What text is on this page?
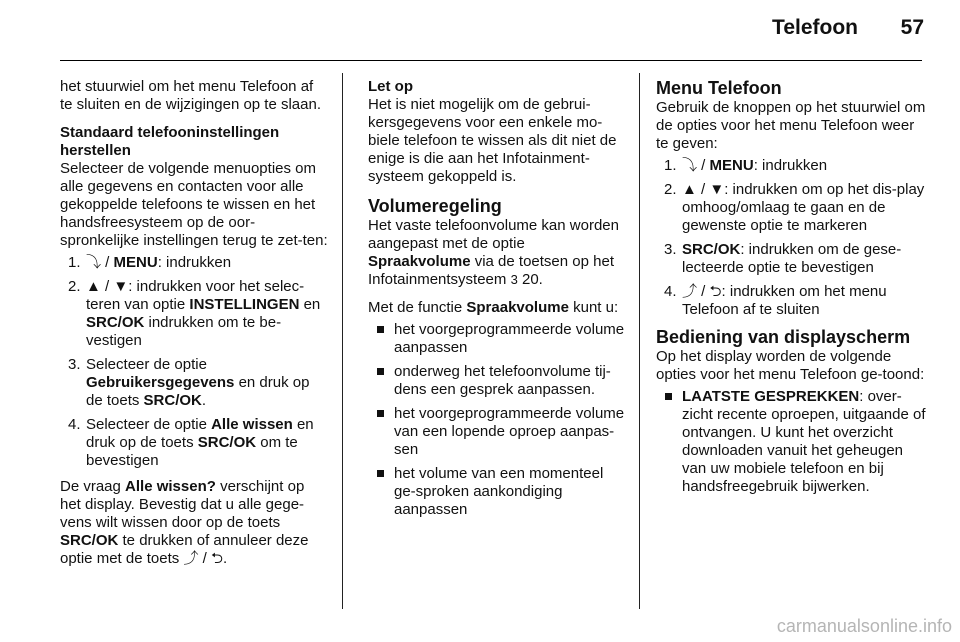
Telefoon 57

het stuurwiel om het menu Telefoon af te sluiten en de wijzigingen op te slaan.

Standaard telefooninstellingen herstellen
Selecteer de volgende menuopties om alle gegevens en contacten voor alle gekoppelde telefoons te wissen en het handsfreesysteem op de oor-spronkelijke instellingen terug te zet-ten:
1. ⤵ / MENU: indrukken
2. ▲ / ▼: indrukken voor het selec-teren van optie INSTELLINGEN en SRC/OK indrukken om te be-vestigen
3. Selecteer de optie Gebruikersgegevens en druk op de toets SRC/OK.
4. Selecteer de optie Alle wissen en druk op de toets SRC/OK om te bevestigen
De vraag Alle wissen? verschijnt op het display. Bevestig dat u alle gege-vens wilt wissen door op de toets SRC/OK te drukken of annuleer deze optie met de toets ⤴ / ⮌.
Let op

Het is niet mogelijk om de gebrui-kersgegevens voor een enkele mo-biele telefoon te wissen als dit niet de enige is die aan het Infotainment-systeem gekoppeld is.

Volumeregeling

Het vaste telefoonvolume kan worden aangepast met de optie Spraakvolume via de toetsen op het Infotainmentsysteem 3 20.

Met de functie Spraakvolume kunt u:
het voorgeprogrammeerde volume aanpassen
onderweg het telefoonvolume tij-dens een gesprek aanpassen.
het voorgeprogrammeerde volume van een lopende oproep aanpas-sen
het volume van een momenteel ge-sproken aankondiging aanpassen
Menu Telefoon
Gebruik de knoppen op het stuurwiel om de opties voor het menu Telefoon weer te geven:
1. ⤵ / MENU: indrukken
2. ▲ / ▼: indrukken om op het dis-play omhoog/omlaag te gaan en de gewenste optie te markeren
3. SRC/OK: indrukken om de gese-lecteerde optie te bevestigen
4. ⤴ / ⮌: indrukken om het menu Telefoon af te sluiten
Bediening van displayscherm
Op het display worden de volgende opties voor het menu Telefoon ge-toond:
LAATSTE GESPREKKEN: over-zicht recente oproepen, uitgaande of ontvangen. U kunt het overzicht downloaden vanuit het geheugen van uw mobiele telefoon en bij handsfreegebruik bijwerken.
carmanualsonline.info
